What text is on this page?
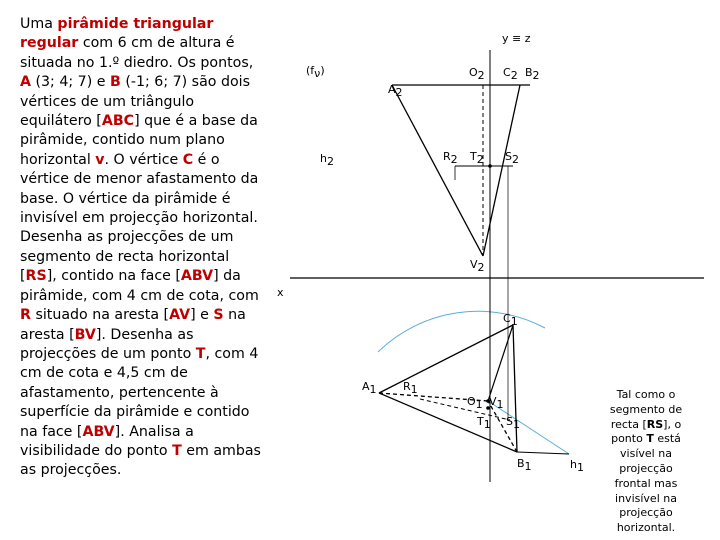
Uma pirâmide triangular regular com 6 cm de altura é situada no 1.º diedro. Os pontos, A (3; 4; 7) e B (-1; 6; 7) são dois vértices de um triângulo equilátero [ABC] que é a base da pirâmide, contido num plano horizontal v. O vértice C é o vértice de menor afastamento da base. O vértice da pirâmide é invisível em projecção horizontal. Desenha as projecções de um segmento de recta horizontal [RS], contido na face [ABV] da pirâmide, com 4 cm de cota, com R situado na aresta [AV] e S na aresta [BV]. Desenha as projecções de um ponto T, com 4 cm de cota e 4,5 cm de afastamento, pertencente à superfície da pirâmide e contido na face [ABV]. Analisa a visibilidade do ponto T em ambas as projecções.
y ≡ z
x
(fν)
h2
A2
O2 C2 B2
R2 T2 S2
V2
C1
A1 R1
O1 V1
T1 S1
B1	h1
Tal como o segmento de recta [RS], o ponto T está visível na projecção frontal mas invisível na projecção horizontal.
